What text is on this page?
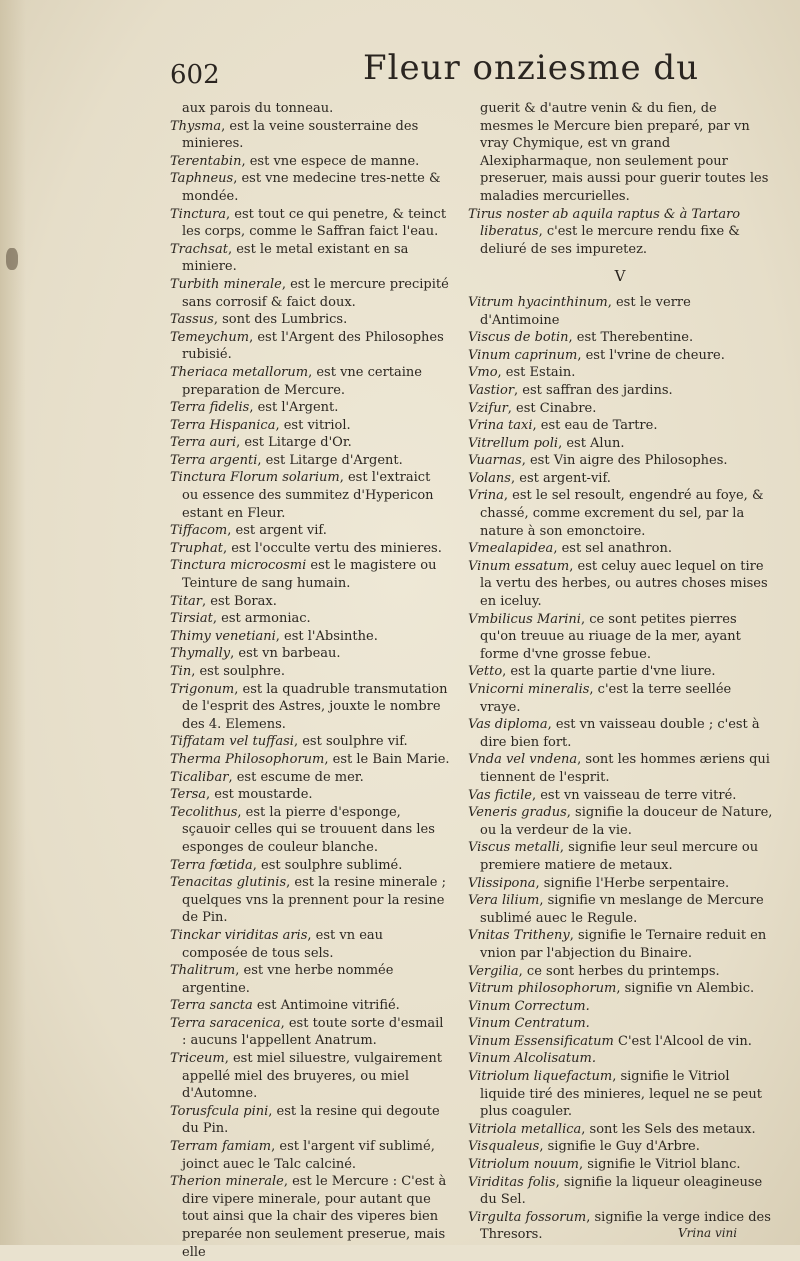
602	Fleur onziesme du

aux parois du tonneau.

Thysma, est la veine sousterraine des minieres.

Terentabin, est vne espece de manne.

Taphneus, est vne medecine tres-nette & mondée.

Tinctura, est tout ce qui penetre, & teinct les corps, comme le Saffran faict l'eau.

Trachsat, est le metal existant en sa miniere.

Turbith minerale, est le mercure precipité sans corrosif & faict doux.

Tassus, sont des Lumbrics.

Temeychum, est l'Argent des Philosophes rubisié.

Theriaca metallorum, est vne certaine preparation de Mercure.

Terra fidelis, est l'Argent.

Terra Hispanica, est vitriol.

Terra auri, est Litarge d'Or.

Terra argenti, est Litarge d'Argent.

Tinctura Florum solarium, est l'extraict ou essence des summitez d'Hypericon estant en Fleur.

Tiffacom, est argent vif.

Truphat, est l'occulte vertu des minieres.

Tinctura microcosmi est le magistere ou Teinture de sang humain.

Titar, est Borax.

Tirsiat, est armoniac.

Thimy venetiani, est l'Absinthe.

Thymally, est vn barbeau.

Tin, est soulphre.

Trigonum, est la quadruble transmutation de l'esprit des Astres, jouxte le nombre des 4. Elemens.

Tiffatam vel tuffasi, est soulphre vif.

Therma Philosophorum, est le Bain Marie.

Ticalibar, est escume de mer.

Tersa, est moustarde.

Tecolithus, est la pierre d'esponge, sçauoir celles qui se trouuent dans les esponges de couleur blanche.

Terra fœtida, est soulphre sublimé.

Tenacitas glutinis, est la resine minerale ; quelques vns la prennent pour la resine de Pin.

Tinckar viriditas aris, est vn eau composée de tous sels.

Thalitrum, est vne herbe nommée argentine.

Terra sancta est Antimoine vitrifié.

Terra saracenica, est toute sorte d'esmail : aucuns l'appellent Anatrum.

Triceum, est miel siluestre, vulgairement appellé miel des bruyeres, ou miel d'Automne.

Torusfcula pini, est la resine qui degoute du Pin.

Terram famiam, est l'argent vif sublimé, joinct auec le Talc calciné.

Therion minerale, est le Mercure : C'est à dire vipere minerale, pour autant que tout ainsi que la chair des viperes bien preparée non seulement preserue, mais elle

guerit & d'autre venin & du fien, de mesmes le Mercure bien preparé, par vn vray Chymique, est vn grand Alexipharmaque, non seulement pour preseruer, mais aussi pour guerir toutes les maladies mercurielles.

Tirus noster ab aquila raptus & à Tartaro liberatus, c'est le mercure rendu fixe & deliuré de ses impuretez.

V

Vitrum hyacinthinum, est le verre d'Antimoine

Viscus de botin, est Therebentine.

Vinum caprinum, est l'vrine de cheure.

Vmo, est Estain.

Vastior, est saffran des jardins.

Vzifur, est Cinabre.

Vrina taxi, est eau de Tartre.

Vitrellum poli, est Alun.

Vuarnas, est Vin aigre des Philosophes.

Volans, est argent-vif.

Vrina, est le sel resoult, engendré au foye, & chassé, comme excrement du sel, par la nature à son emonctoire.

Vmealapidea, est sel anathron.

Vinum essatum, est celuy auec lequel on tire la vertu des herbes, ou autres choses mises en iceluy.

Vmbilicus Marini, ce sont petites pierres qu'on treuue au riuage de la mer, ayant forme d'vne grosse febue.

Vetto, est la quarte partie d'vne liure.

Vnicorni mineralis, c'est la terre seellée vraye.

Vas diploma, est vn vaisseau double ; c'est à dire bien fort.

Vnda vel vndena, sont les hommes æriens qui tiennent de l'esprit.

Vas fictile, est vn vaisseau de terre vitré.

Veneris gradus, signifie la douceur de Nature, ou la verdeur de la vie.

Viscus metalli, signifie leur seul mercure ou premiere matiere de metaux.

Vlissipona, signifie l'Herbe serpentaire.

Vera lilium, signifie vn meslange de Mercure sublimé auec le Regule.

Vnitas Tritheny, signifie le Ternaire reduit en vnion par l'abjection du Binaire.

Vergilia, ce sont herbes du printemps.

Vitrum philosophorum, signifie vn Alembic.

Vinum Correctum.

Vinum Centratum.

Vinum Essensificatum C'est l'Alcool de vin.

Vinum Alcolisatum.

Vitriolum liquefactum, signifie le Vitriol liquide tiré des minieres, lequel ne se peut plus coaguler.

Vitriola metallica, sont les Sels des metaux.

Visqualeus, signifie le Guy d'Arbre.

Vitriolum nouum, signifie le Vitriol blanc.

Viriditas folis, signifie la liqueur oleagineuse du Sel.

Virgulta fossorum, signifie la verge indice des Thresors.	Vrina vini
